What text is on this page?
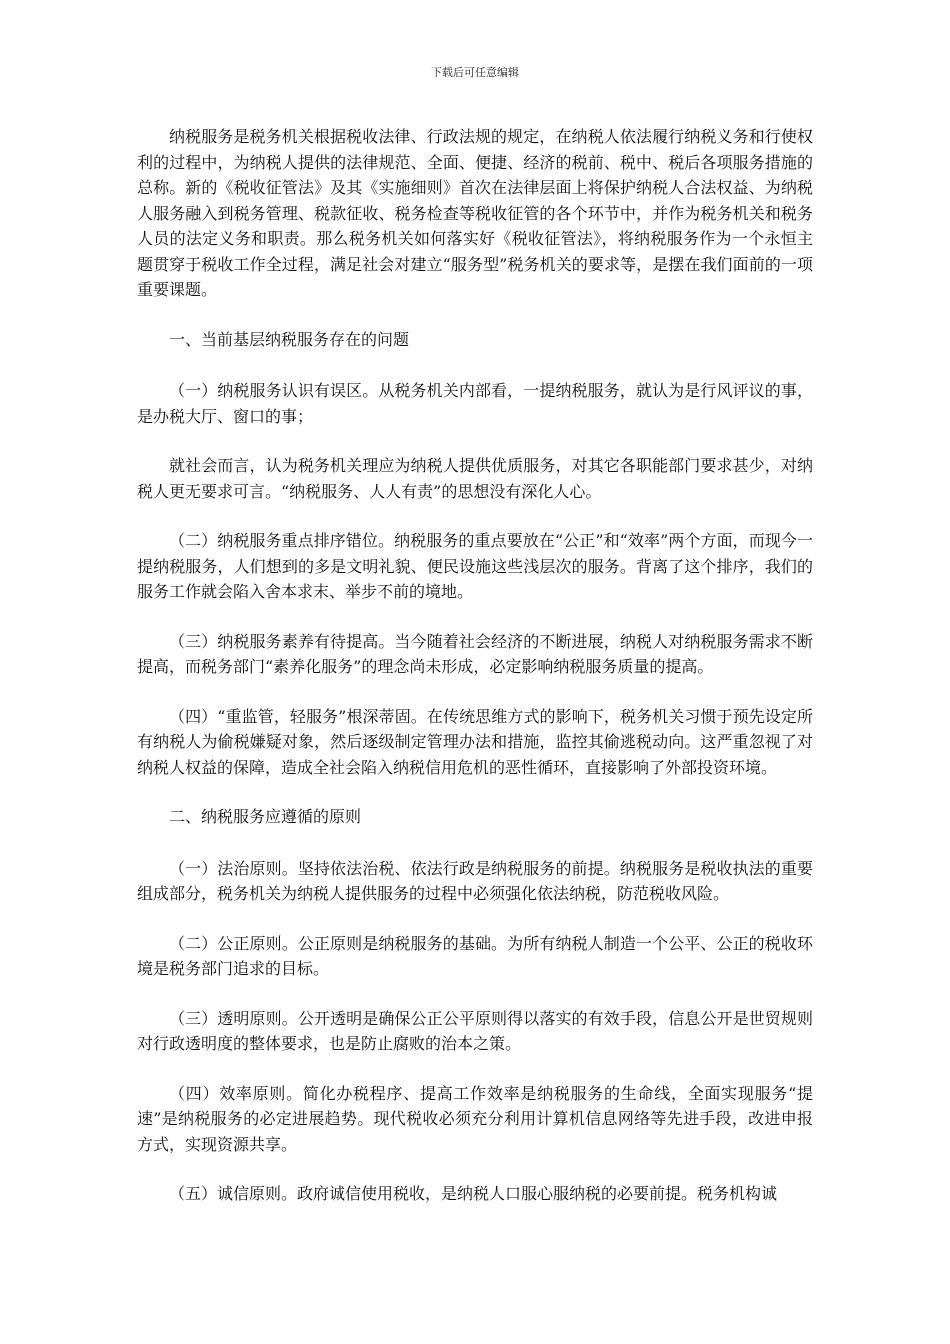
下载后可任意编辑

纳税服务是税务机关根据税收法律、行政法规的规定，在纳税人依法履行纳税义务和行使权利的过程中，为纳税人提供的法律规范、全面、便捷、经济的税前、税中、税后各项服务措施的总称。新的《税收征管法》及其《实施细则》首次在法律层面上将保护纳税人合法权益、为纳税人服务融入到税务管理、税款征收、税务检查等税收征管的各个环节中，并作为税务机关和税务人员的法定义务和职责。那么税务机关如何落实好《税收征管法》，将纳税服务作为一个永恒主题贯穿于税收工作全过程，满足社会对建立“服务型”税务机关的要求等，是摆在我们面前的一项重要课题。

一、当前基层纳税服务存在的问题

（一）纳税服务认识有误区。从税务机关内部看，一提纳税服务，就认为是行风评议的事，是办税大厅、窗口的事；

就社会而言，认为税务机关理应为纳税人提供优质服务，对其它各职能部门要求甚少，对纳税人更无要求可言。“纳税服务、人人有责”的思想没有深化人心。

（二）纳税服务重点排序错位。纳税服务的重点要放在“公正”和“效率”两个方面，而现今一提纳税服务，人们想到的多是文明礼貌、便民设施这些浅层次的服务。背离了这个排序，我们的服务工作就会陷入舍本求末、举步不前的境地。

（三）纳税服务素养有待提高。当今随着社会经济的不断进展，纳税人对纳税服务需求不断提高，而税务部门“素养化服务”的理念尚未形成，必定影响纳税服务质量的提高。

（四）“重监管，轻服务”根深蒂固。在传统思维方式的影响下，税务机关习惯于预先设定所有纳税人为偷税嫌疑对象，然后逐级制定管理办法和措施，监控其偷逃税动向。这严重忽视了对纳税人权益的保障，造成全社会陷入纳税信用危机的恶性循环，直接影响了外部投资环境。

二、纳税服务应遵循的原则

（一）法治原则。坚持依法治税、依法行政是纳税服务的前提。纳税服务是税收执法的重要组成部分，税务机关为纳税人提供服务的过程中必须强化依法纳税，防范税收风险。

（二）公正原则。公正原则是纳税服务的基础。为所有纳税人制造一个公平、公正的税收环境是税务部门追求的目标。

（三）透明原则。公开透明是确保公正公平原则得以落实的有效手段，信息公开是世贸规则对行政透明度的整体要求，也是防止腐败的治本之策。

（四）效率原则。简化办税程序、提高工作效率是纳税服务的生命线，全面实现服务“提速”是纳税服务的必定进展趋势。现代税收必须充分利用计算机信息网络等先进手段，改进申报方式，实现资源共享。

（五）诚信原则。政府诚信使用税收，是纳税人口服心服纳税的必要前提。税务机构诚
